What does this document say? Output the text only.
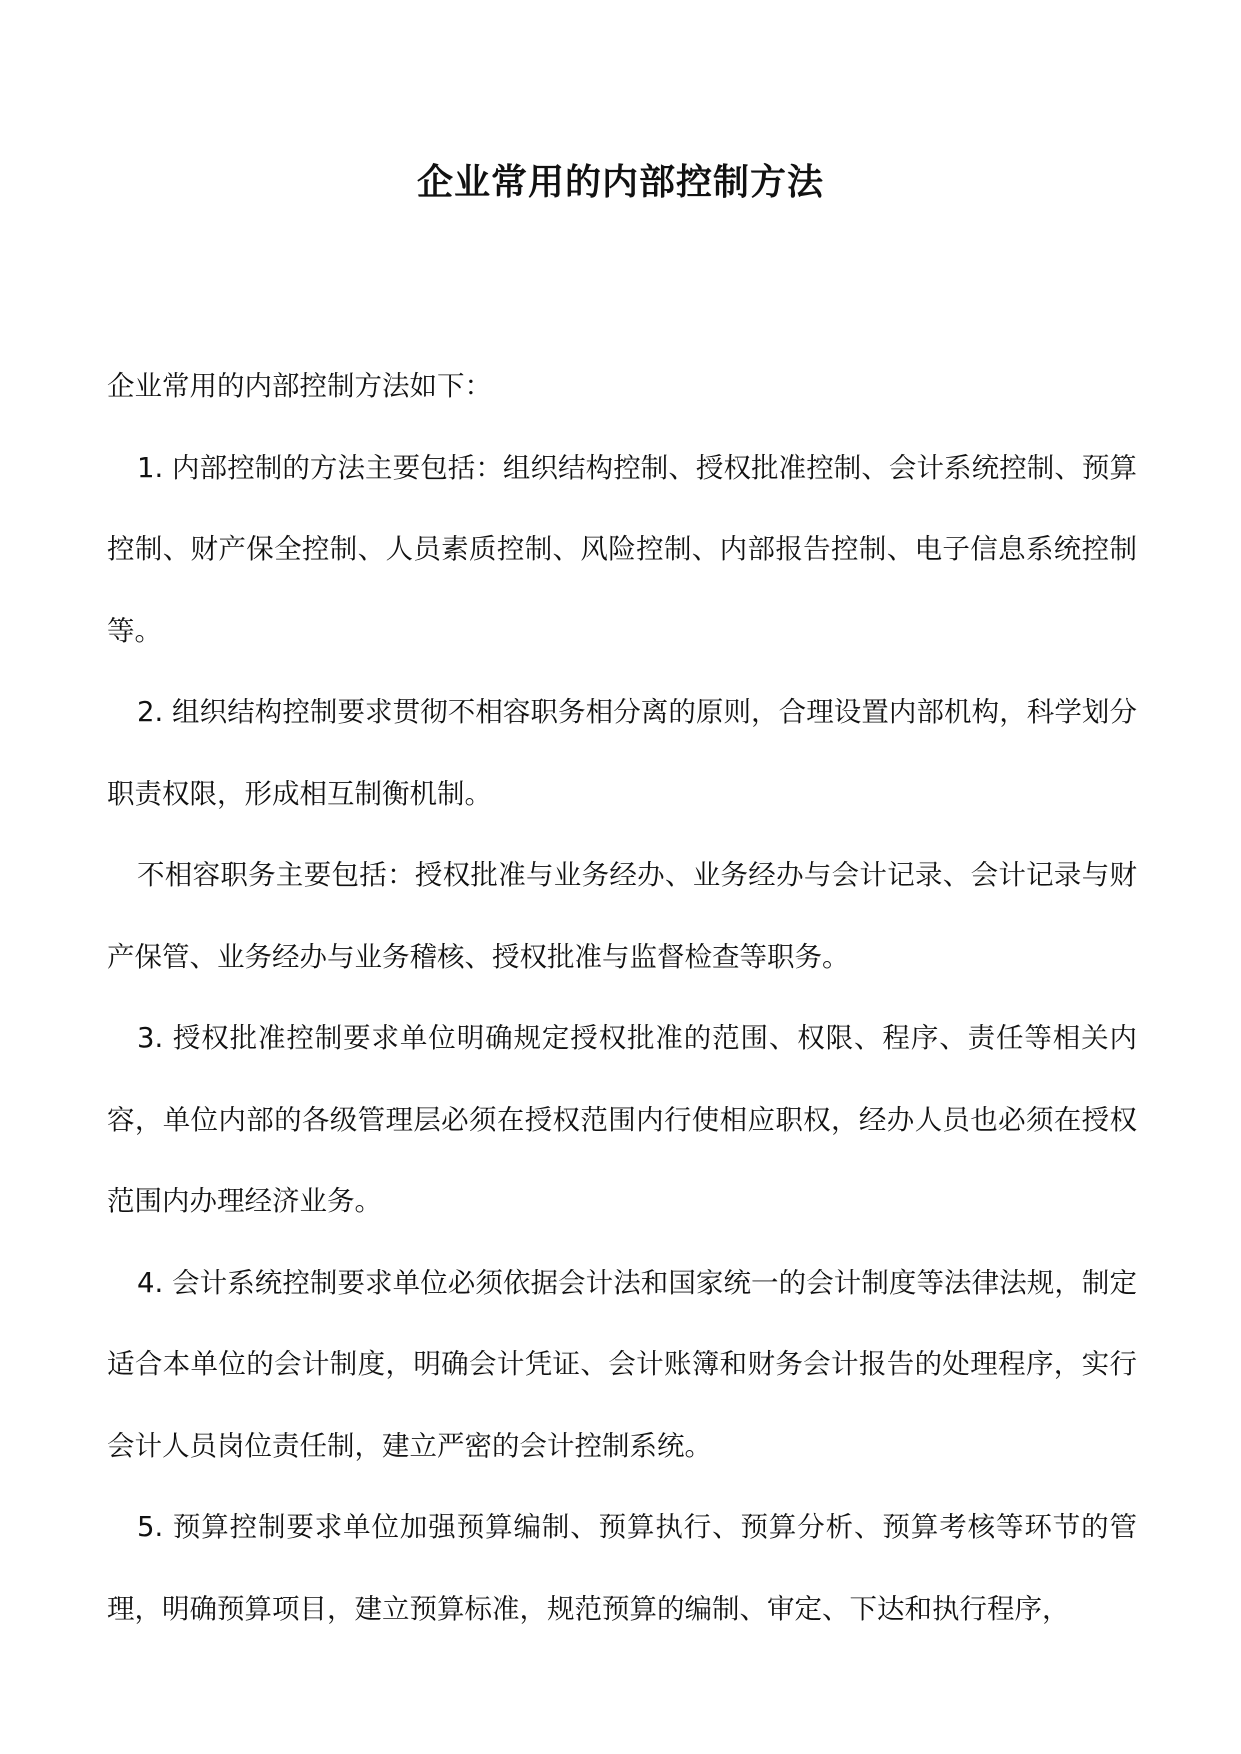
企业常用的内部控制方法

企业常用的内部控制方法如下：

1. 内部控制的方法主要包括：组织结构控制、授权批准控制、会计系统控制、预算控制、财产保全控制、人员素质控制、风险控制、内部报告控制、电子信息系统控制等。

2. 组织结构控制要求贯彻不相容职务相分离的原则，合理设置内部机构，科学划分职责权限，形成相互制衡机制。

不相容职务主要包括：授权批准与业务经办、业务经办与会计记录、会计记录与财产保管、业务经办与业务稽核、授权批准与监督检查等职务。

3. 授权批准控制要求单位明确规定授权批准的范围、权限、程序、责任等相关内容，单位内部的各级管理层必须在授权范围内行使相应职权，经办人员也必须在授权范围内办理经济业务。

4. 会计系统控制要求单位必须依据会计法和国家统一的会计制度等法律法规，制定适合本单位的会计制度，明确会计凭证、会计账簿和财务会计报告的处理程序，实行会计人员岗位责任制，建立严密的会计控制系统。

5. 预算控制要求单位加强预算编制、预算执行、预算分析、预算考核等环节的管理，明确预算项目，建立预算标准，规范预算的编制、审定、下达和执行程序，
